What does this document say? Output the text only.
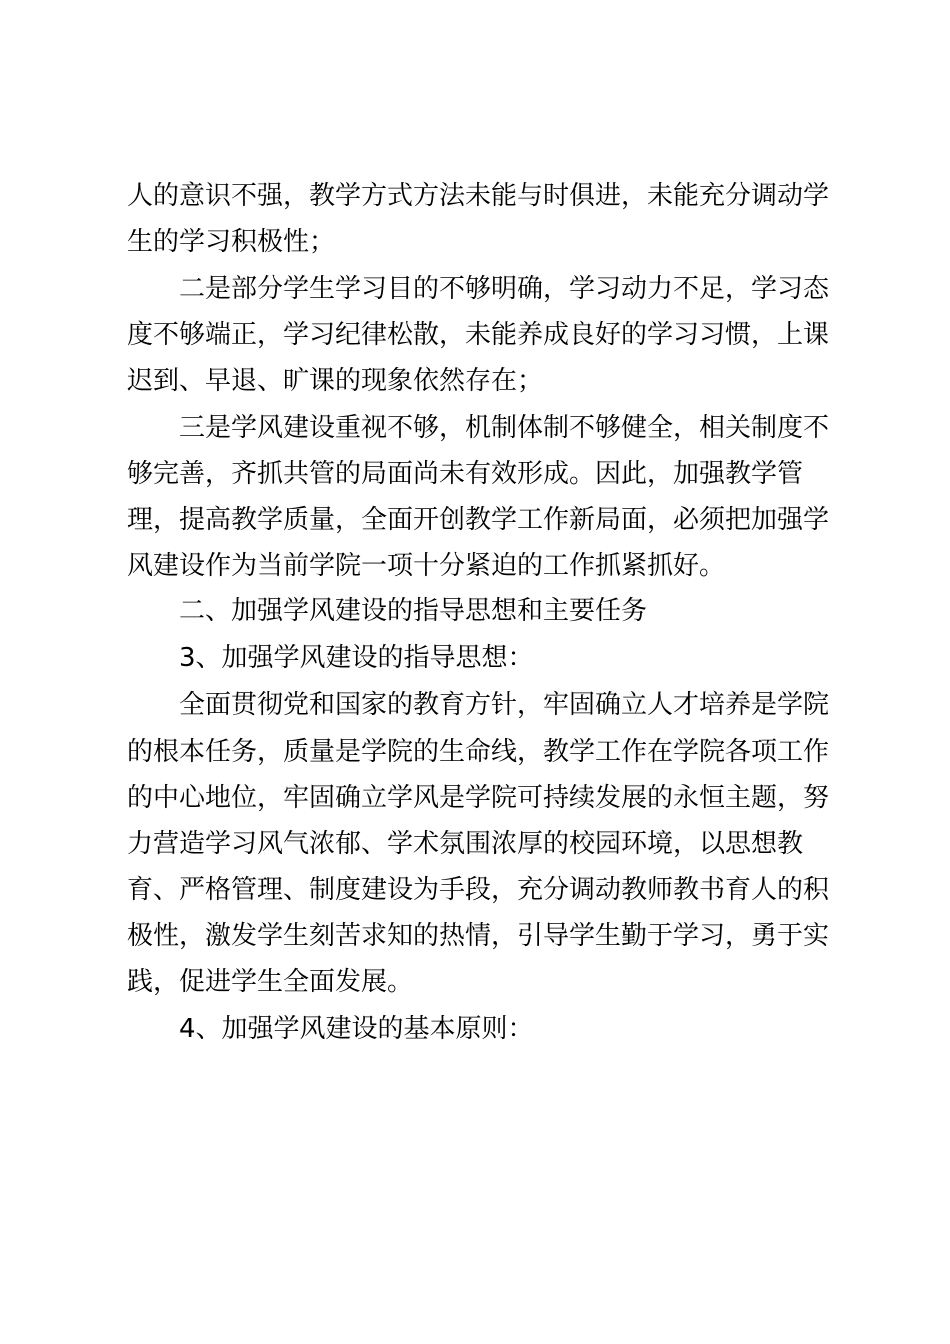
人的意识不强，教学方式方法未能与时俱进，未能充分调动学
生的学习积极性；
二是部分学生学习目的不够明确，学习动力不足，学习态
度不够端正，学习纪律松散，未能养成良好的学习习惯，上课
迟到、早退、旷课的现象依然存在；
三是学风建设重视不够，机制体制不够健全，相关制度不
够完善，齐抓共管的局面尚未有效形成。因此，加强教学管
理，提高教学质量，全面开创教学工作新局面，必须把加强学
风建设作为当前学院一项十分紧迫的工作抓紧抓好。
二、加强学风建设的指导思想和主要任务
3、加强学风建设的指导思想：
全面贯彻党和国家的教育方针，牢固确立人才培养是学院
的根本任务，质量是学院的生命线，教学工作在学院各项工作
的中心地位，牢固确立学风是学院可持续发展的永恒主题，努
力营造学习风气浓郁、学术氛围浓厚的校园环境，以思想教
育、严格管理、制度建设为手段，充分调动教师教书育人的积
极性，激发学生刻苦求知的热情，引导学生勤于学习，勇于实
践，促进学生全面发展。
4、加强学风建设的基本原则：
